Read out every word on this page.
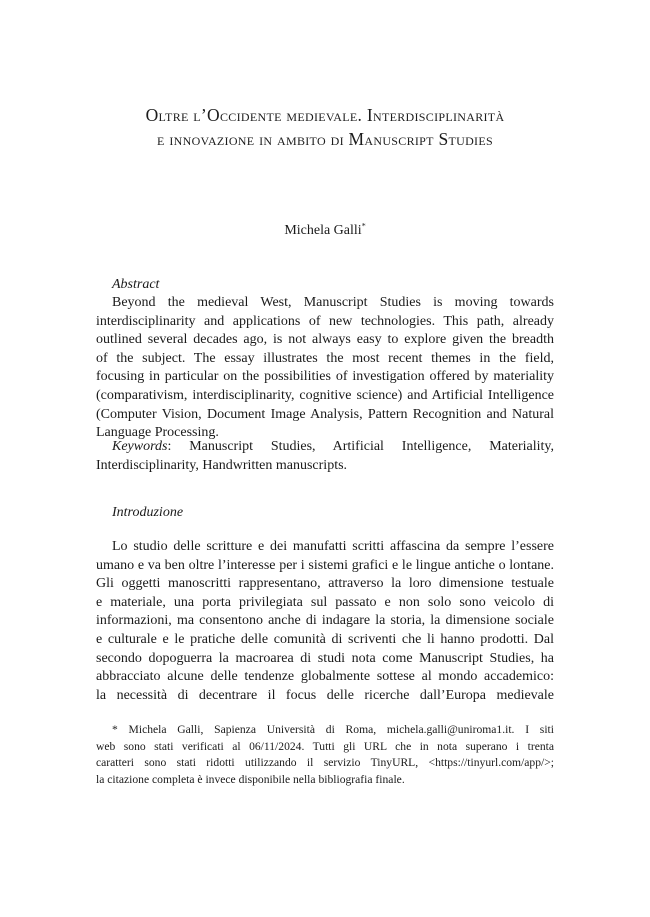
Oltre l’Occidente medievale. Interdisciplinarità
e innovazione in ambito di Manuscript Studies
Michela Galli*
Abstract
Beyond the medieval West, Manuscript Studies is moving towards
interdisciplinarity and applications of new technologies. This path, already
outlined several decades ago, is not always easy to explore given the breadth
of the subject. The essay illustrates the most recent themes in the field,
focusing in particular on the possibilities of investigation offered by materiality
(comparativism, interdisciplinarity, cognitive science) and Artificial Intelligence
(Computer Vision, Document Image Analysis, Pattern Recognition and Natural
Language Processing.
Keywords: Manuscript Studies, Artificial Intelligence, Materiality,
Interdisciplinarity, Handwritten manuscripts.
Introduzione
Lo studio delle scritture e dei manufatti scritti affascina da sempre l’essere
umano e va ben oltre l’interesse per i sistemi grafici e le lingue antiche o lontane.
Gli oggetti manoscritti rappresentano, attraverso la loro dimensione testuale
e materiale, una porta privilegiata sul passato e non solo sono veicolo di
informazioni, ma consentono anche di indagare la storia, la dimensione sociale
e culturale e le pratiche delle comunità di scriventi che li hanno prodotti. Dal
secondo dopoguerra la macroarea di studi nota come Manuscript Studies, ha
abbracciato alcune delle tendenze globalmente sottese al mondo accademico:
la necessità di decentrare il focus delle ricerche dall’Europa medievale
* Michela Galli, Sapienza Università di Roma, michela.galli@uniroma1.it. I siti
web sono stati verificati al 06/11/2024. Tutti gli URL che in nota superano i trenta
caratteri sono stati ridotti utilizzando il servizio TinyURL, <https://tinyurl.com/app/>;
la citazione completa è invece disponibile nella bibliografia finale.
